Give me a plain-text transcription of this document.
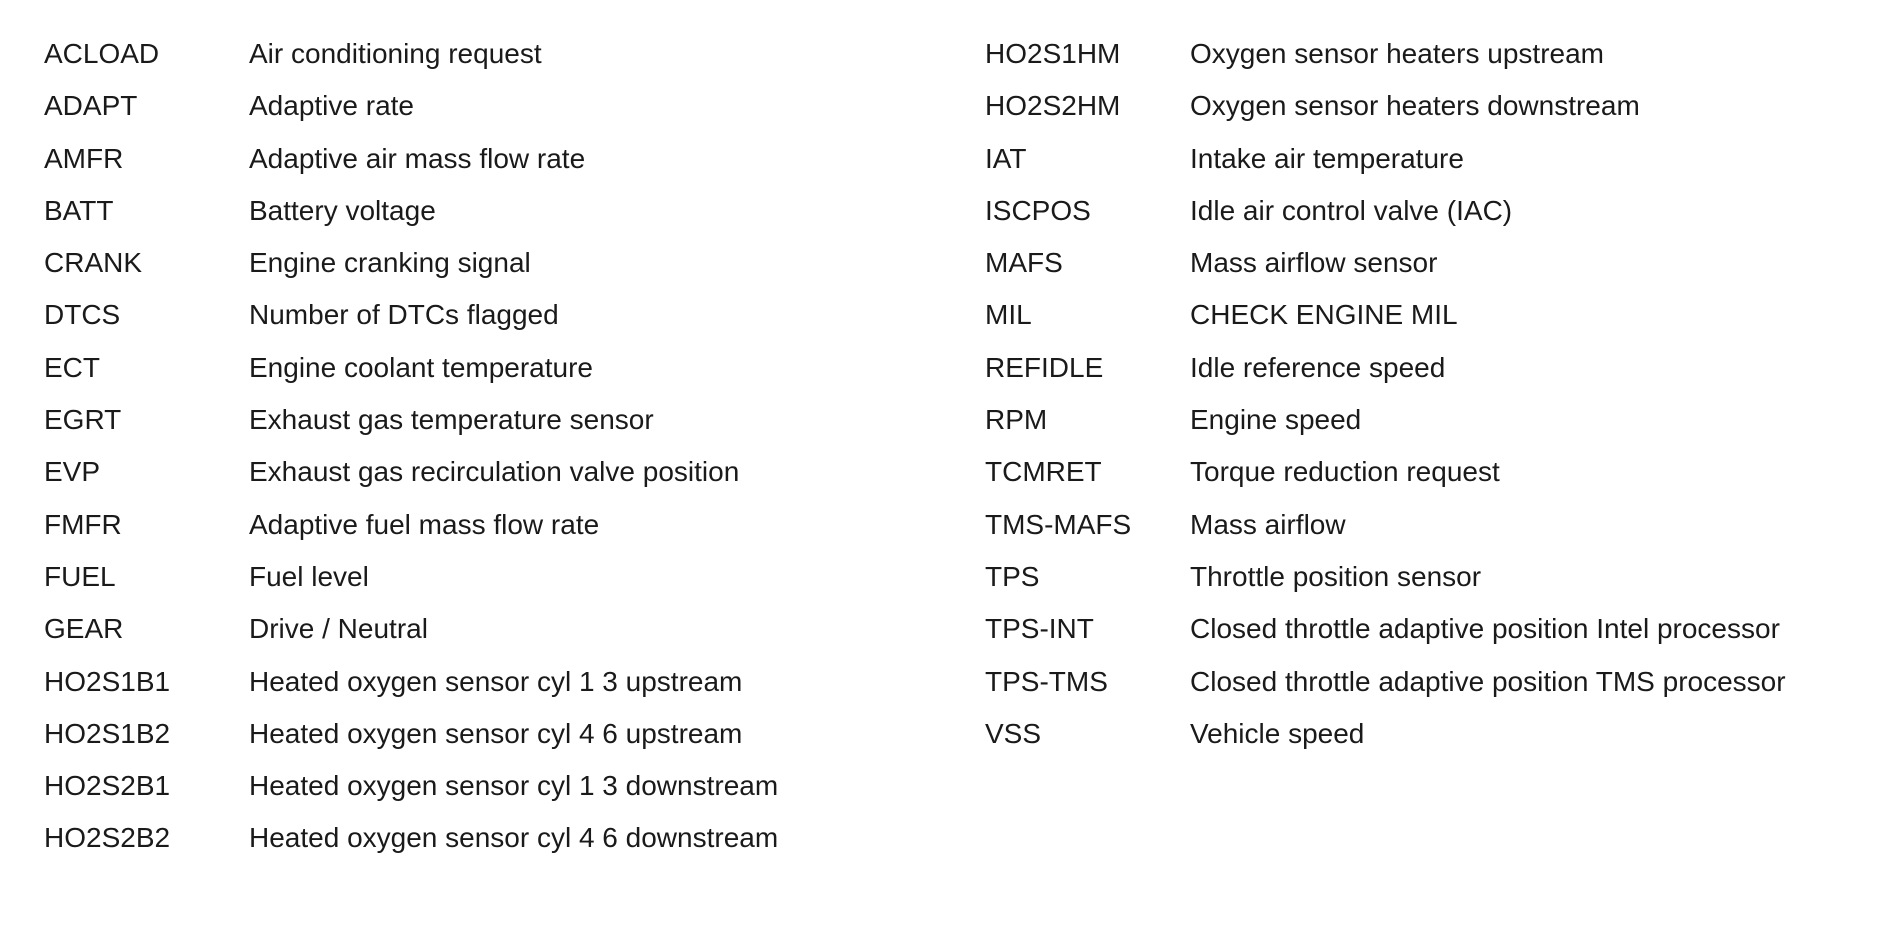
ACLOAD	Air conditioning request
ADAPT	Adaptive rate
AMFR	Adaptive air mass flow rate
BATT	Battery voltage
CRANK	Engine cranking signal
DTCS	Number of DTCs flagged
ECT	Engine coolant temperature
EGRT	Exhaust gas temperature sensor
EVP	Exhaust gas recirculation valve position
FMFR	Adaptive fuel mass flow rate
FUEL	Fuel level
GEAR	Drive / Neutral
HO2S1B1	Heated oxygen sensor cyl 1 3 upstream
HO2S1B2	Heated oxygen sensor cyl 4 6 upstream
HO2S2B1	Heated oxygen sensor cyl 1 3 downstream
HO2S2B2	Heated oxygen sensor cyl 4 6 downstream
HO2S1HM	Oxygen sensor heaters upstream
HO2S2HM	Oxygen sensor heaters downstream
IAT	Intake air temperature
ISCPOS	Idle air control valve (IAC)
MAFS	Mass airflow sensor
MIL	CHECK ENGINE MIL
REFIDLE	Idle reference speed
RPM	Engine speed
TCMRET	Torque reduction request
TMS-MAFS	Mass airflow
TPS	Throttle position sensor
TPS-INT	Closed throttle adaptive position Intel processor
TPS-TMS	Closed throttle adaptive position TMS processor
VSS	Vehicle speed
